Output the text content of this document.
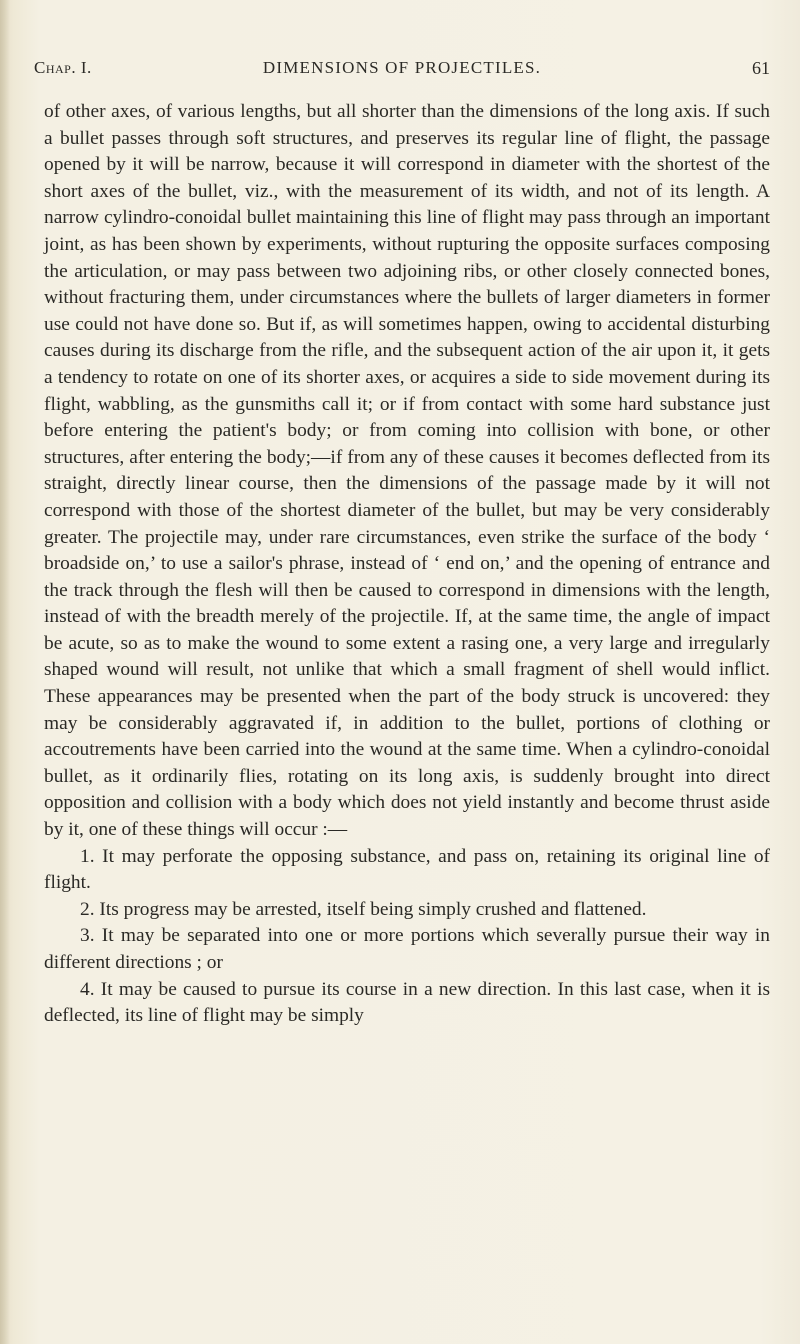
Chap. I.	DIMENSIONS OF PROJECTILES.	61

of other axes, of various lengths, but all shorter than the dimensions of the long axis. If such a bullet passes through soft structures, and preserves its regular line of flight, the passage opened by it will be narrow, because it will correspond in diameter with the shortest of the short axes of the bullet, viz., with the measurement of its width, and not of its length. A narrow cylindro-conoidal bullet maintaining this line of flight may pass through an important joint, as has been shown by experiments, without rupturing the opposite surfaces composing the articulation, or may pass between two adjoining ribs, or other closely connected bones, without fracturing them, under circumstances where the bullets of larger diameters in former use could not have done so. But if, as will sometimes happen, owing to accidental disturbing causes during its discharge from the rifle, and the subsequent action of the air upon it, it gets a tendency to rotate on one of its shorter axes, or acquires a side to side movement during its flight, wabbling, as the gunsmiths call it; or if from contact with some hard substance just before entering the patient's body; or from coming into collision with bone, or other structures, after entering the body;—if from any of these causes it becomes deflected from its straight, directly linear course, then the dimensions of the passage made by it will not correspond with those of the shortest diameter of the bullet, but may be very considerably greater. The projectile may, under rare circumstances, even strike the surface of the body ‘ broadside on,’ to use a sailor's phrase, instead of ‘ end on,’ and the opening of entrance and the track through the flesh will then be caused to correspond in dimensions with the length, instead of with the breadth merely of the projectile. If, at the same time, the angle of impact be acute, so as to make the wound to some extent a rasing one, a very large and irregularly shaped wound will result, not unlike that which a small fragment of shell would inflict. These appearances may be presented when the part of the body struck is uncovered: they may be considerably aggravated if, in addition to the bullet, portions of clothing or accoutrements have been carried into the wound at the same time. When a cylindro-conoidal bullet, as it ordinarily flies, rotating on its long axis, is suddenly brought into direct opposition and collision with a body which does not yield instantly and become thrust aside by it, one of these things will occur :—

1. It may perforate the opposing substance, and pass on, retaining its original line of flight.

2. Its progress may be arrested, itself being simply crushed and flattened.

3. It may be separated into one or more portions which severally pursue their way in different directions ; or

4. It may be caused to pursue its course in a new direction. In this last case, when it is deflected, its line of flight may be simply
